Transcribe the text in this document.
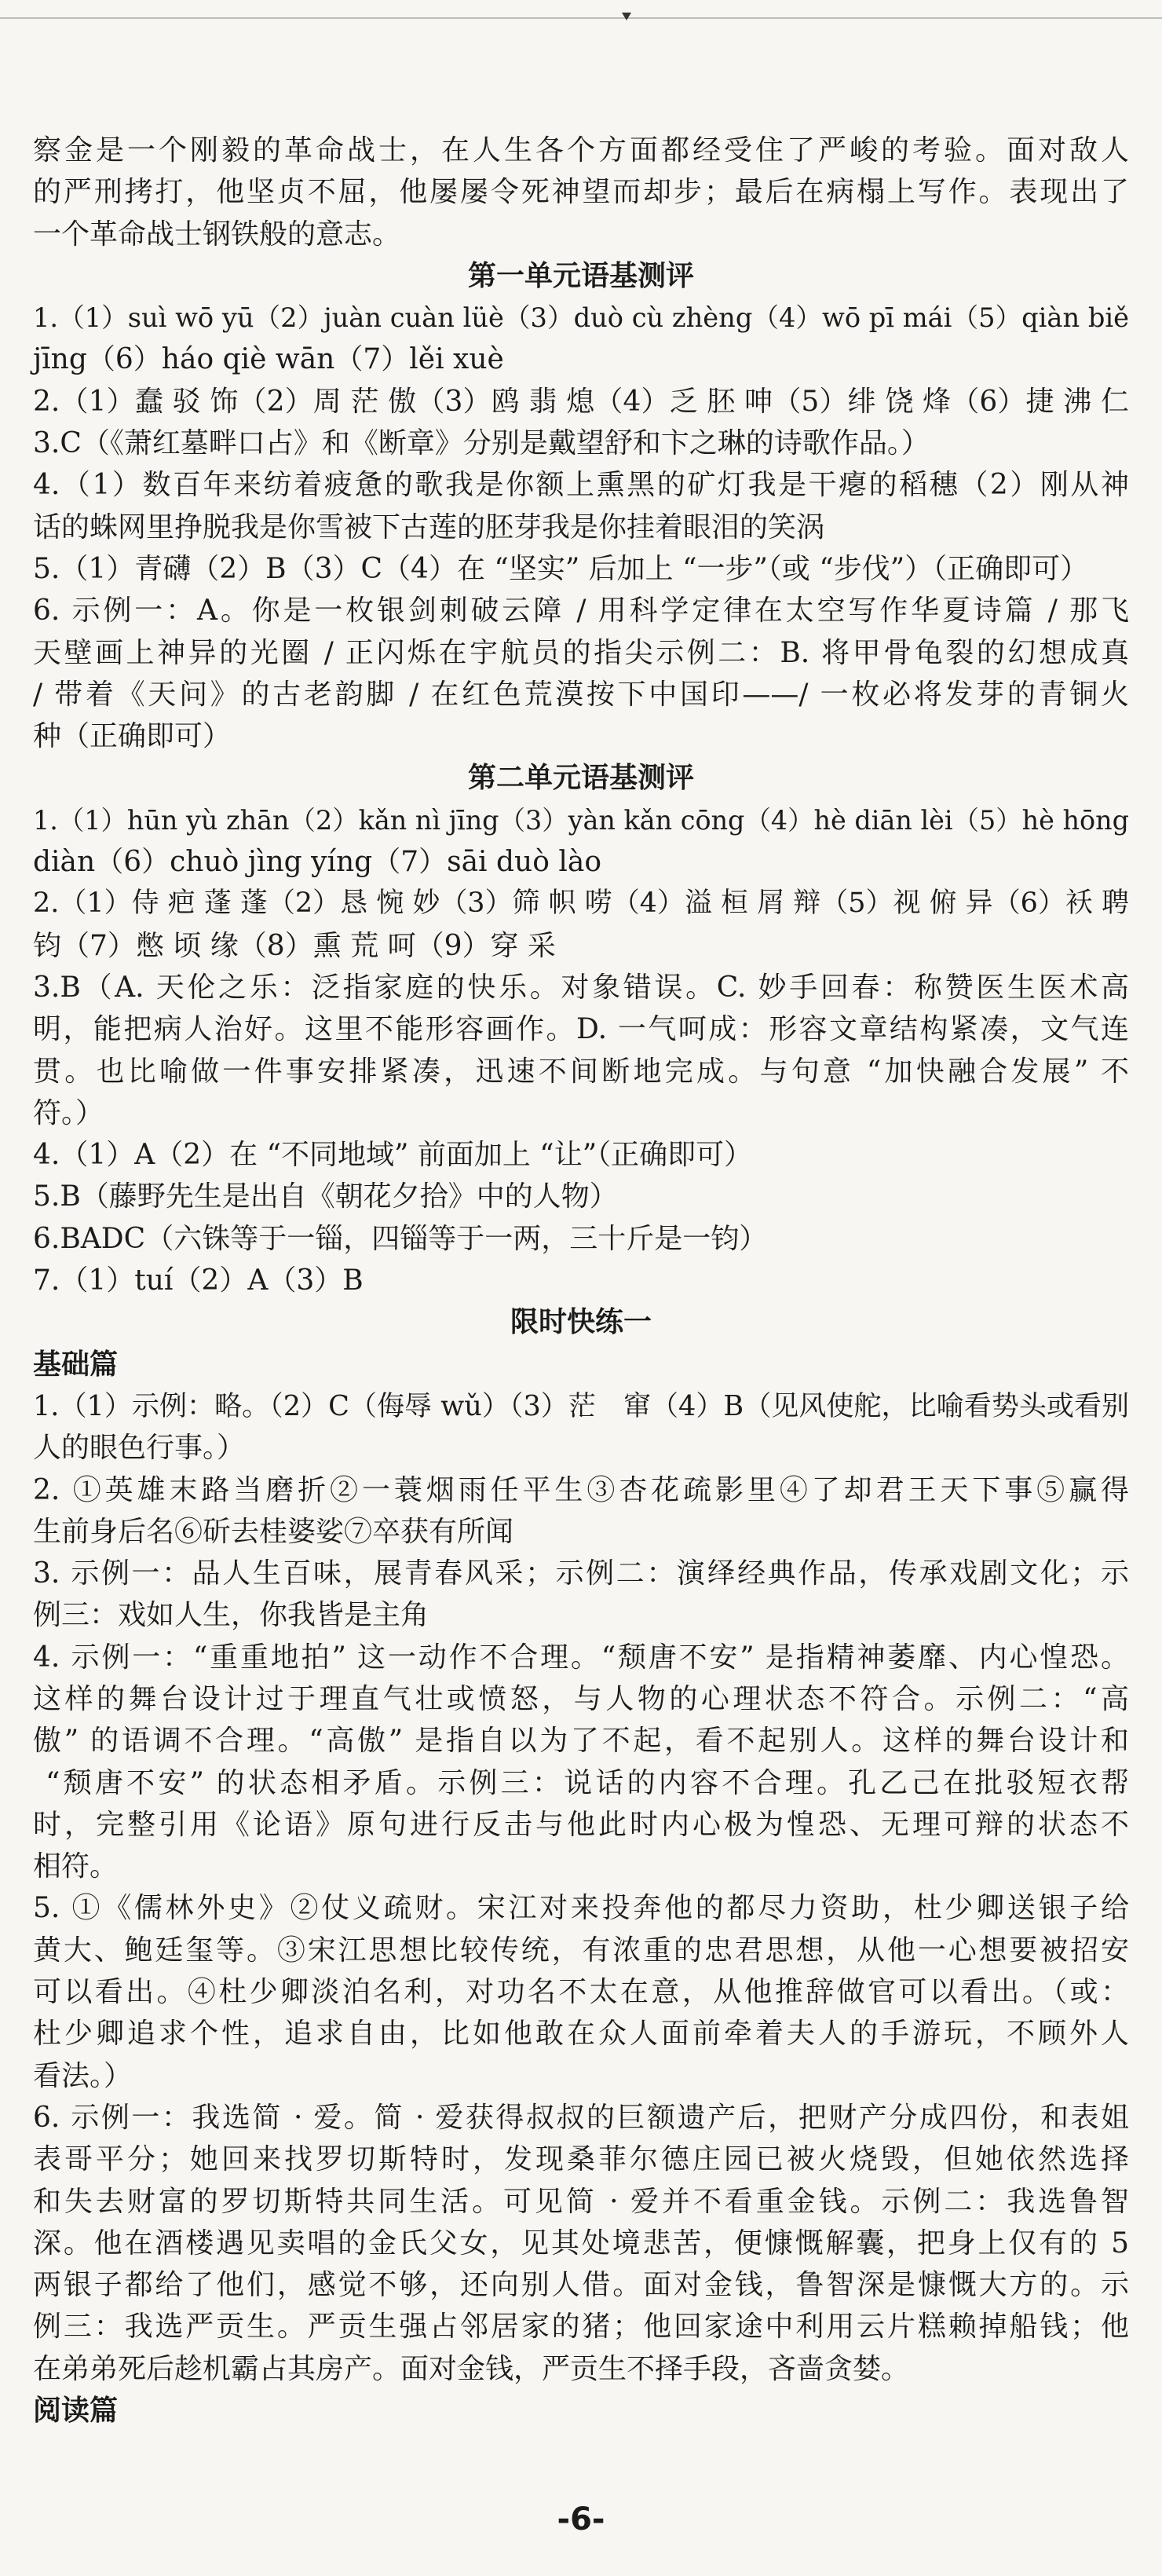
察金是一个刚毅的革命战士，在人生各个方面都经受住了严峻的考验。面对敌人
的严刑拷打，他坚贞不屈，他屡屡令死神望而却步；最后在病榻上写作。表现出了
一个革命战士钢铁般的意志。
第一单元语基测评
1.（1）suì wō yū（2）juàn cuàn lüè（3）duò cù zhèng（4）wō pī mái（5）qiàn biě
jīng（6）háo qiè wān（7）lěi xuè
2.（1）蠢 驳 饰（2）周 茫 傲（3）鸥 翡 熄（4）乏 胚 呻（5）绯 饶 烽（6）捷 沸 仁
3.C（《萧红墓畔口占》和《断章》分别是戴望舒和卞之琳的诗歌作品。）
4.（1）数百年来纺着疲惫的歌我是你额上熏黑的矿灯我是干瘪的稻穗（2）刚从神
话的蛛网里挣脱我是你雪被下古莲的胚芽我是你挂着眼泪的笑涡
5.（1）青礴（2）B（3）C（4）在 “坚实” 后加上 “一步”（或 “步伐”）（正确即可）
6. 示例一：A。你是一枚银剑刺破云障 / 用科学定律在太空写作华夏诗篇 / 那飞
天壁画上神异的光圈 / 正闪烁在宇航员的指尖示例二：B. 将甲骨龟裂的幻想成真
/ 带着《天问》的古老韵脚 / 在红色荒漠按下中国印——/ 一枚必将发芽的青铜火
种（正确即可）
第二单元语基测评
1.（1）hūn yù zhān（2）kǎn nì jīng（3）yàn kǎn cōng（4）hè diān lèi（5）hè hōng
diàn（6）chuò jìng yíng（7）sāi duò lào
2.（1）侍 疤 蓬 蓬（2）恳 惋 妙（3）筛 帜 唠（4）溢 桓 屑 辩（5）视 俯 异（6）袄 聘
钧（7）憋 顷 缘（8）熏 荒 呵（9）穿 采
3.B（A. 天伦之乐：泛指家庭的快乐。对象错误。C. 妙手回春：称赞医生医术高
明，能把病人治好。这里不能形容画作。D. 一气呵成：形容文章结构紧凑，文气连
贯。也比喻做一件事安排紧凑，迅速不间断地完成。与句意 “加快融合发展” 不
符。）
4.（1）A（2）在 “不同地域” 前面加上 “让”（正确即可）
5.B（藤野先生是出自《朝花夕拾》中的人物）
6.BADC（六铢等于一锱，四锱等于一两，三十斤是一钧）
7.（1）tuí（2）A（3）B
限时快练一
基础篇
1.（1）示例：略。（2）C（侮辱 wǔ）（3）茫　窜（4）B（见风使舵，比喻看势头或看别
人的眼色行事。）
2. ①英雄末路当磨折②一蓑烟雨任平生③杏花疏影里④了却君王天下事⑤赢得
生前身后名⑥斫去桂婆娑⑦卒获有所闻
3. 示例一：品人生百味，展青春风采；示例二：演绎经典作品，传承戏剧文化；示
例三：戏如人生，你我皆是主角
4. 示例一：“重重地拍” 这一动作不合理。“颓唐不安” 是指精神萎靡、内心惶恐。
这样的舞台设计过于理直气壮或愤怒，与人物的心理状态不符合。示例二：“高
傲” 的语调不合理。“高傲” 是指自以为了不起，看不起别人。这样的舞台设计和
“颓唐不安” 的状态相矛盾。示例三：说话的内容不合理。孔乙己在批驳短衣帮
时，完整引用《论语》原句进行反击与他此时内心极为惶恐、无理可辩的状态不
相符。
5. ①《儒林外史》②仗义疏财。宋江对来投奔他的都尽力资助，杜少卿送银子给
黄大、鲍廷玺等。③宋江思想比较传统，有浓重的忠君思想，从他一心想要被招安
可以看出。④杜少卿淡泊名利，对功名不太在意，从他推辞做官可以看出。（或：
杜少卿追求个性，追求自由，比如他敢在众人面前牵着夫人的手游玩，不顾外人
看法。）
6. 示例一：我选简 · 爱。简 · 爱获得叔叔的巨额遗产后，把财产分成四份，和表姐
表哥平分；她回来找罗切斯特时，发现桑菲尔德庄园已被火烧毁，但她依然选择
和失去财富的罗切斯特共同生活。可见简 · 爱并不看重金钱。示例二：我选鲁智
深。他在酒楼遇见卖唱的金氏父女，见其处境悲苦，便慷慨解囊，把身上仅有的 5
两银子都给了他们，感觉不够，还向别人借。面对金钱，鲁智深是慷慨大方的。示
例三：我选严贡生。严贡生强占邻居家的猪；他回家途中利用云片糕赖掉船钱；他
在弟弟死后趁机霸占其房产。面对金钱，严贡生不择手段，吝啬贪婪。
阅读篇
-6-
